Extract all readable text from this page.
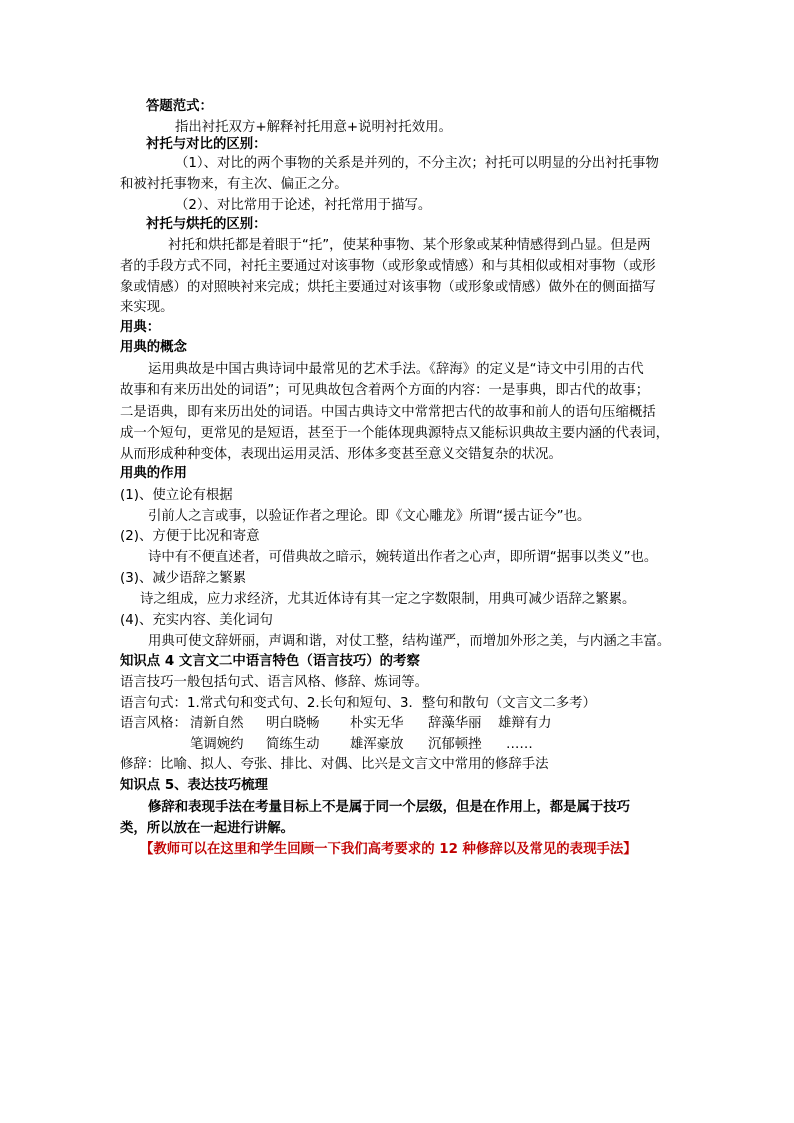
答题范式：
指出衬托双方+解释衬托用意+说明衬托效用。
衬托与对比的区别：
（1）、对比的两个事物的关系是并列的，不分主次；衬托可以明显的分出衬托事物
和被衬托事物来，有主次、偏正之分。
（2）、对比常用于论述，衬托常用于描写。
衬托与烘托的区别：
衬托和烘托都是着眼于“托”，使某种事物、某个形象或某种情感得到凸显。但是两
者的手段方式不同，衬托主要通过对该事物（或形象或情感）和与其相似或相对事物（或形
象或情感）的对照映衬来完成；烘托主要通过对该事物（或形象或情感）做外在的侧面描写
来实现。
用典：
用典的概念
运用典故是中国古典诗词中最常见的艺术手法。《辞海》的定义是“诗文中引用的古代
故事和有来历出处的词语”；可见典故包含着两个方面的内容：一是事典，即古代的故事；
二是语典，即有来历出处的词语。中国古典诗文中常常把古代的故事和前人的语句压缩概括
成一个短句，更常见的是短语，甚至于一个能体现典源特点又能标识典故主要内涵的代表词，
从而形成种种变体，表现出运用灵活、形体多变甚至意义交错复杂的状况。
用典的作用
(1)、使立论有根据
引前人之言或事，以验证作者之理论。即《文心雕龙》所谓“援古证今”也。
(2)、方便于比况和寄意
诗中有不便直述者，可借典故之暗示，婉转道出作者之心声，即所谓“据事以类义”也。
(3)、减少语辞之繁累
诗之组成，应力求经济，尤其近体诗有其一定之字数限制，用典可减少语辞之繁累。
(4)、充实内容、美化词句
用典可使文辞妍丽，声调和谐，对仗工整，结构谨严，而增加外形之美，与内涵之丰富。
知识点 4 文言文二中语言特色（语言技巧）的考察
语言技巧一般包括句式、语言风格、修辞、炼词等。
语言句式：1.常式句和变式句、2.长句和短句、3．整句和散句（文言文二多考）
语言风格： 清新自然 明白晓畅 朴实无华 辞藻华丽 雄辩有力
笔调婉约 简练生动 雄浑豪放 沉郁顿挫 ……
修辞：比喻、拟人、夸张、排比、对偶、比兴是文言文中常用的修辞手法
知识点 5、表达技巧梳理
修辞和表现手法在考量目标上不是属于同一个层级，但是在作用上，都是属于技巧
类，所以放在一起进行讲解。
【教师可以在这里和学生回顾一下我们高考要求的 12 种修辞以及常见的表现手法】
